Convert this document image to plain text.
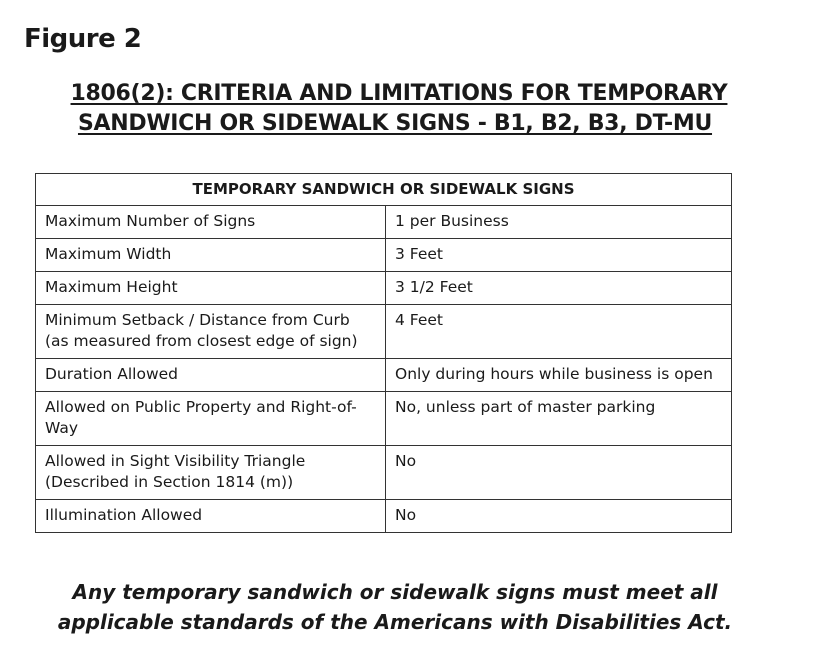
Figure 2
1806(2): CRITERIA AND LIMITATIONS FOR TEMPORARY
SANDWICH OR SIDEWALK SIGNS - B1, B2, B3, DT-MU
TEMPORARY SANDWICH OR SIDEWALK SIGNS	
Maximum Number of Signs	1 per Business
Maximum Width	3 Feet
Maximum Height	3 1/2 Feet
Minimum Setback / Distance from Curb (as measured from closest edge of sign)	4 Feet
Duration Allowed	Only during hours while business is open
Allowed on Public Property and Right-of-Way	No, unless part of master parking
Allowed in Sight Visibility Triangle (Described in Section 1814 (m))	No
Illumination Allowed	No
Any temporary sandwich or sidewalk signs must meet all
applicable standards of the Americans with Disabilities Act.
